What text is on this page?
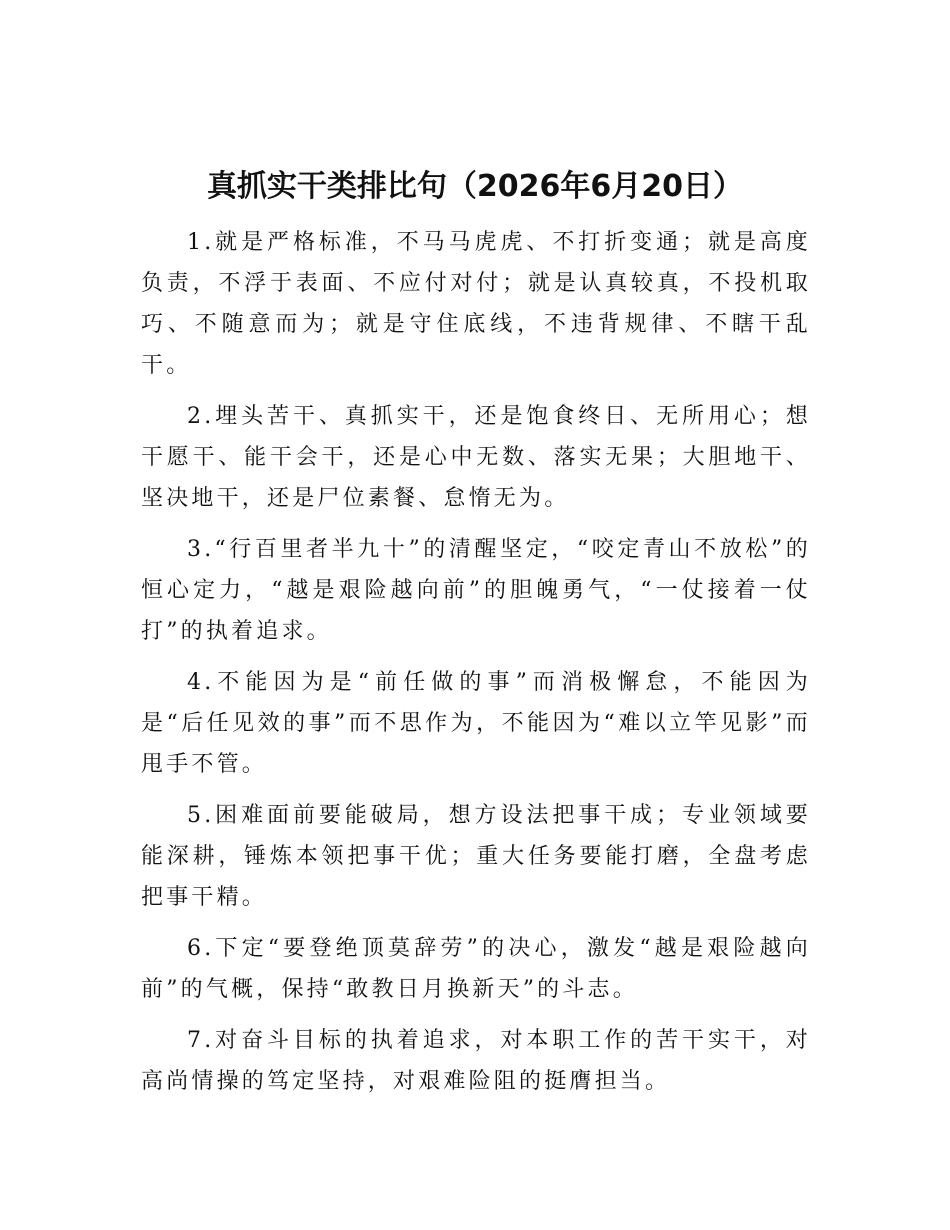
真抓实干类排比句（2026年6月20日）

1.就是严格标准，不马马虎虎、不打折变通；就是高度负责，不浮于表面、不应付对付；就是认真较真，不投机取巧、不随意而为；就是守住底线，不违背规律、不瞎干乱干。

2.埋头苦干、真抓实干，还是饱食终日、无所用心；想干愿干、能干会干，还是心中无数、落实无果；大胆地干、坚决地干，还是尸位素餐、怠惰无为。

3.“行百里者半九十”的清醒坚定，“咬定青山不放松”的恒心定力，“越是艰险越向前”的胆魄勇气，“一仗接着一仗打”的执着追求。

4.不能因为是“前任做的事”而消极懈怠，不能因为是“后任见效的事”而不思作为，不能因为“难以立竿见影”而甩手不管。

5.困难面前要能破局，想方设法把事干成；专业领域要能深耕，锤炼本领把事干优；重大任务要能打磨，全盘考虑把事干精。

6.下定“要登绝顶莫辞劳”的决心，激发“越是艰险越向前”的气概，保持“敢教日月换新天”的斗志。

7.对奋斗目标的执着追求，对本职工作的苦干实干，对高尚情操的笃定坚持，对艰难险阻的挺膺担当。
